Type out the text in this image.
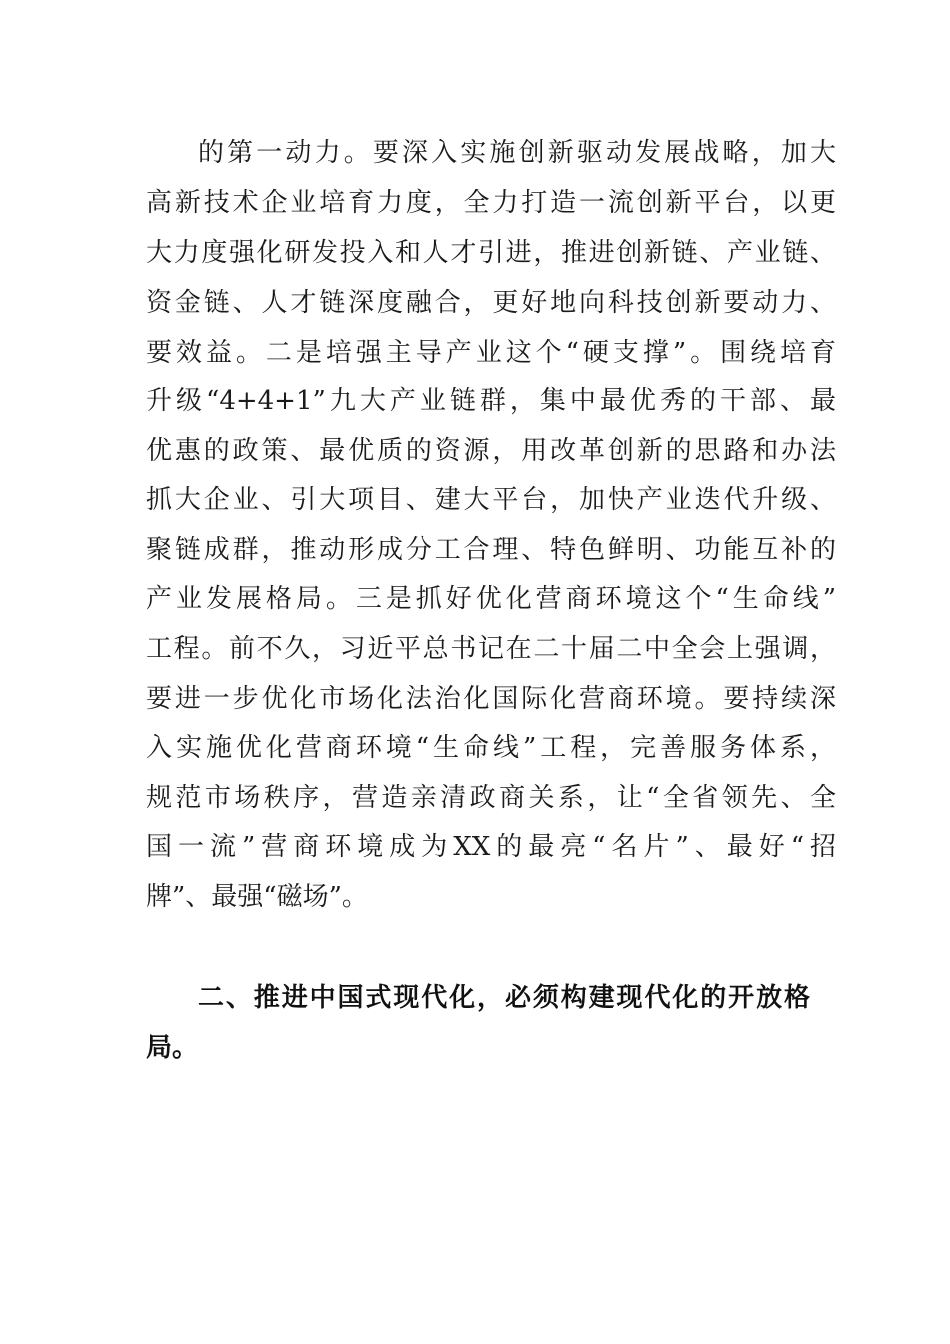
的第一动力。要深入实施创新驱动发展战略，加大
高新技术企业培育力度，全力打造一流创新平台，以更
大力度强化研发投入和人才引进，推进创新链、产业链、
资金链、人才链深度融合，更好地向科技创新要动力、
要效益。二是培强主导产业这个“硬支撑”。围绕培育
升级“4+4+1”九大产业链群，集中最优秀的干部、最
优惠的政策、最优质的资源，用改革创新的思路和办法
抓大企业、引大项目、建大平台，加快产业迭代升级、
聚链成群，推动形成分工合理、特色鲜明、功能互补的
产业发展格局。三是抓好优化营商环境这个“生命线”
工程。前不久，习近平总书记在二十届二中全会上强调，
要进一步优化市场化法治化国际化营商环境。要持续深
入实施优化营商环境“生命线”工程，完善服务体系，
规范市场秩序，营造亲清政商关系，让“全省领先、全
国一流”营商环境成为XX的最亮“名片”、最好“招
牌”、最强“磁场”。
二、推进中国式现代化，必须构建现代化的开放格
局。
